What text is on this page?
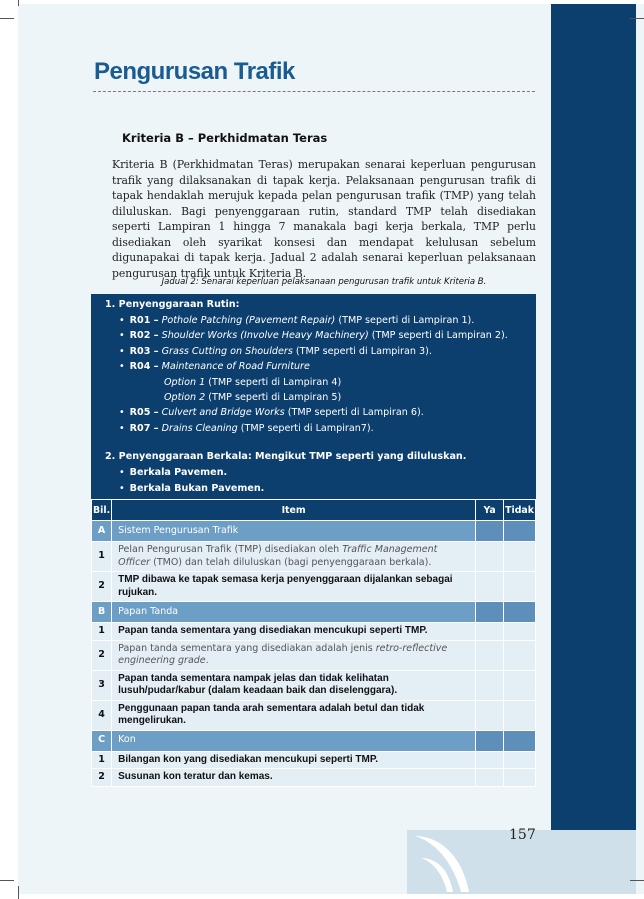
Pengurusan Trafik
Kriteria B – Perkhidmatan Teras
Kriteria B (Perkhidmatan Teras) merupakan senarai keperluan pengurusan trafik yang dilaksanakan di tapak kerja. Pelaksanaan pengurusan trafik di tapak hendaklah merujuk kepada pelan pengurusan trafik (TMP) yang telah diluluskan. Bagi penyenggaraan rutin, standard TMP telah disediakan seperti Lampiran 1 hingga 7 manakala bagi kerja berkala, TMP perlu disediakan oleh syarikat konsesi dan mendapat kelulusan sebelum digunapakai di tapak kerja. Jadual 2 adalah senarai keperluan pelaksanaan pengurusan trafik untuk Kriteria B.
Jadual 2: Senarai keperluan pelaksanaan pengurusan trafik untuk Kriteria B.
1. Penyenggaraan Rutin:
• R01 – Pothole Patching (Pavement Repair) (TMP seperti di Lampiran 1).
• R02 – Shoulder Works (Involve Heavy Machinery) (TMP seperti di Lampiran 2).
• R03 – Grass Cutting on Shoulders (TMP seperti di Lampiran 3).
• R04 – Maintenance of Road Furniture
Option 1 (TMP seperti di Lampiran 4)
Option 2 (TMP seperti di Lampiran 5)
• R05 – Culvert and Bridge Works (TMP seperti di Lampiran 6).
• R07 – Drains Cleaning (TMP seperti di Lampiran7).
2. Penyenggaraan Berkala: Mengikut TMP seperti yang diluluskan.
• Berkala Pavemen.
• Berkala Bukan Pavemen.
Bil.	Item	Ya	Tidak
A	Sistem Pengurusan Trafik		
1	Pelan Pengurusan Trafik (TMP) disediakan oleh Traffic Management Officer (TMO) dan telah diluluskan (bagi penyenggaraan berkala).		
2	TMP dibawa ke tapak semasa kerja penyenggaraan dijalankan sebagai rujukan.		
B	Papan Tanda		
1	Papan tanda sementara yang disediakan mencukupi seperti TMP.		
2	Papan tanda sementara yang disediakan adalah jenis retro-reflective engineering grade.		
3	Papan tanda sementara nampak jelas dan tidak kelihatan lusuh/pudar/kabur (dalam keadaan baik dan diselenggara).		
4	Penggunaan papan tanda arah sementara adalah betul dan tidak mengelirukan.		
C	Kon		
1	Bilangan kon yang disediakan mencukupi seperti TMP.		
2	Susunan kon teratur dan kemas.		
157
